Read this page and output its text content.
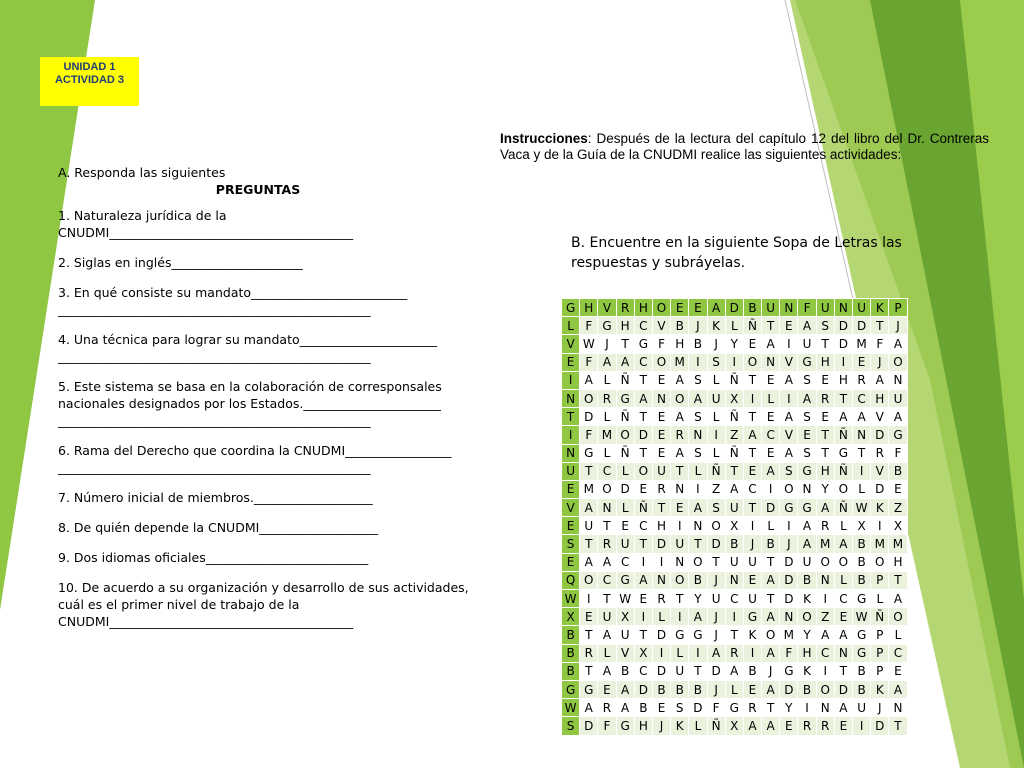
UNIDAD 1
ACTIVIDAD 3
Instrucciones: Después de la lectura del capítulo 12 del libro del Dr. Contreras Vaca y de la Guía de la CNUDMI realice las siguientes actividades:
A. Responda las siguientes
PREGUNTAS
1. Naturaleza jurídica de la
CNUDMI_______________________________________
2. Siglas en inglés_____________________
3. En qué consiste su mandato_________________________
__________________________________________________
4. Una técnica para lograr su mandato______________________
__________________________________________________
5. Este sistema se basa en la colaboración de corresponsales
nacionales designados por los Estados.______________________
__________________________________________________
6. Rama del Derecho que coordina la CNUDMI_________________
__________________________________________________
7. Número inicial de miembros.___________________
8. De quién depende la CNUDMI___________________
9. Dos idiomas oficiales__________________________
10. De acuerdo a su organización y desarrollo de sus actividades,
cuál es el primer nivel de trabajo de la
CNUDMI_______________________________________
B. Encuentre en la siguiente Sopa de Letras las respuestas y subráyelas.
G	H	V	R	H	O	E	E	A	D	B	U	N	F	U	N	U	K	P
L	F	G	H	C	V	B	J	K	L	Ñ	T	E	A	S	D	D	T	J
V	W	J	T	G	F	H	B	J	Y	E	A	I	U	T	D	M	F	A
E	F	A	A	C	O	M	I	S	I	O	N	V	G	H	I	E	J	O
I	A	L	Ñ	T	E	A	S	L	Ñ	T	E	A	S	E	H	R	A	N
N	O	R	G	A	N	O	A	U	X	I	L	I	A	R	T	C	H	U
T	D	L	Ñ	T	E	A	S	L	Ñ	T	E	A	S	E	A	A	V	A
I	F	M	O	D	E	R	N	I	Z	A	C	V	E	T	Ñ	N	D	G
N	G	L	Ñ	T	E	A	S	L	Ñ	T	E	A	S	T	G	T	R	F
U	T	C	L	O	U	T	L	Ñ	T	E	A	S	G	H	Ñ	I	V	B
E	M	O	D	E	R	N	I	Z	A	C	I	O	N	Y	O	L	D	E
V	A	N	L	Ñ	T	E	A	S	U	T	D	G	G	A	Ñ	W	K	Z
E	U	T	E	C	H	I	N	O	X	I	L	I	A	R	L	X	I	X
S	T	R	U	T	D	U	T	D	B	J	B	J	A	M	A	B	M	M
E	A	A	C	I	I	N	O	T	U	U	T	D	U	O	O	B	O	H
Q	O	C	G	A	N	O	B	J	N	E	A	D	B	N	L	B	P	T
W	I	T	W	E	R	T	Y	U	C	U	T	D	K	I	C	G	L	A
X	E	U	X	I	L	I	A	J	I	G	A	N	O	Z	E	W	Ñ	O
B	T	A	U	T	D	G	G	J	T	K	O	M	Y	A	A	G	P	L
B	R	L	V	X	I	L	I	A	R	I	A	F	H	C	N	G	P	C
B	T	A	B	C	D	U	T	D	A	B	J	G	K	I	T	B	P	E
G	G	E	A	D	B	B	B	J	L	E	A	D	B	O	D	B	K	A
W	A	R	A	B	E	S	D	F	G	R	T	Y	I	N	A	U	J	N
S	D	F	G	H	J	K	L	Ñ	X	A	A	E	R	R	E	I	D	T
